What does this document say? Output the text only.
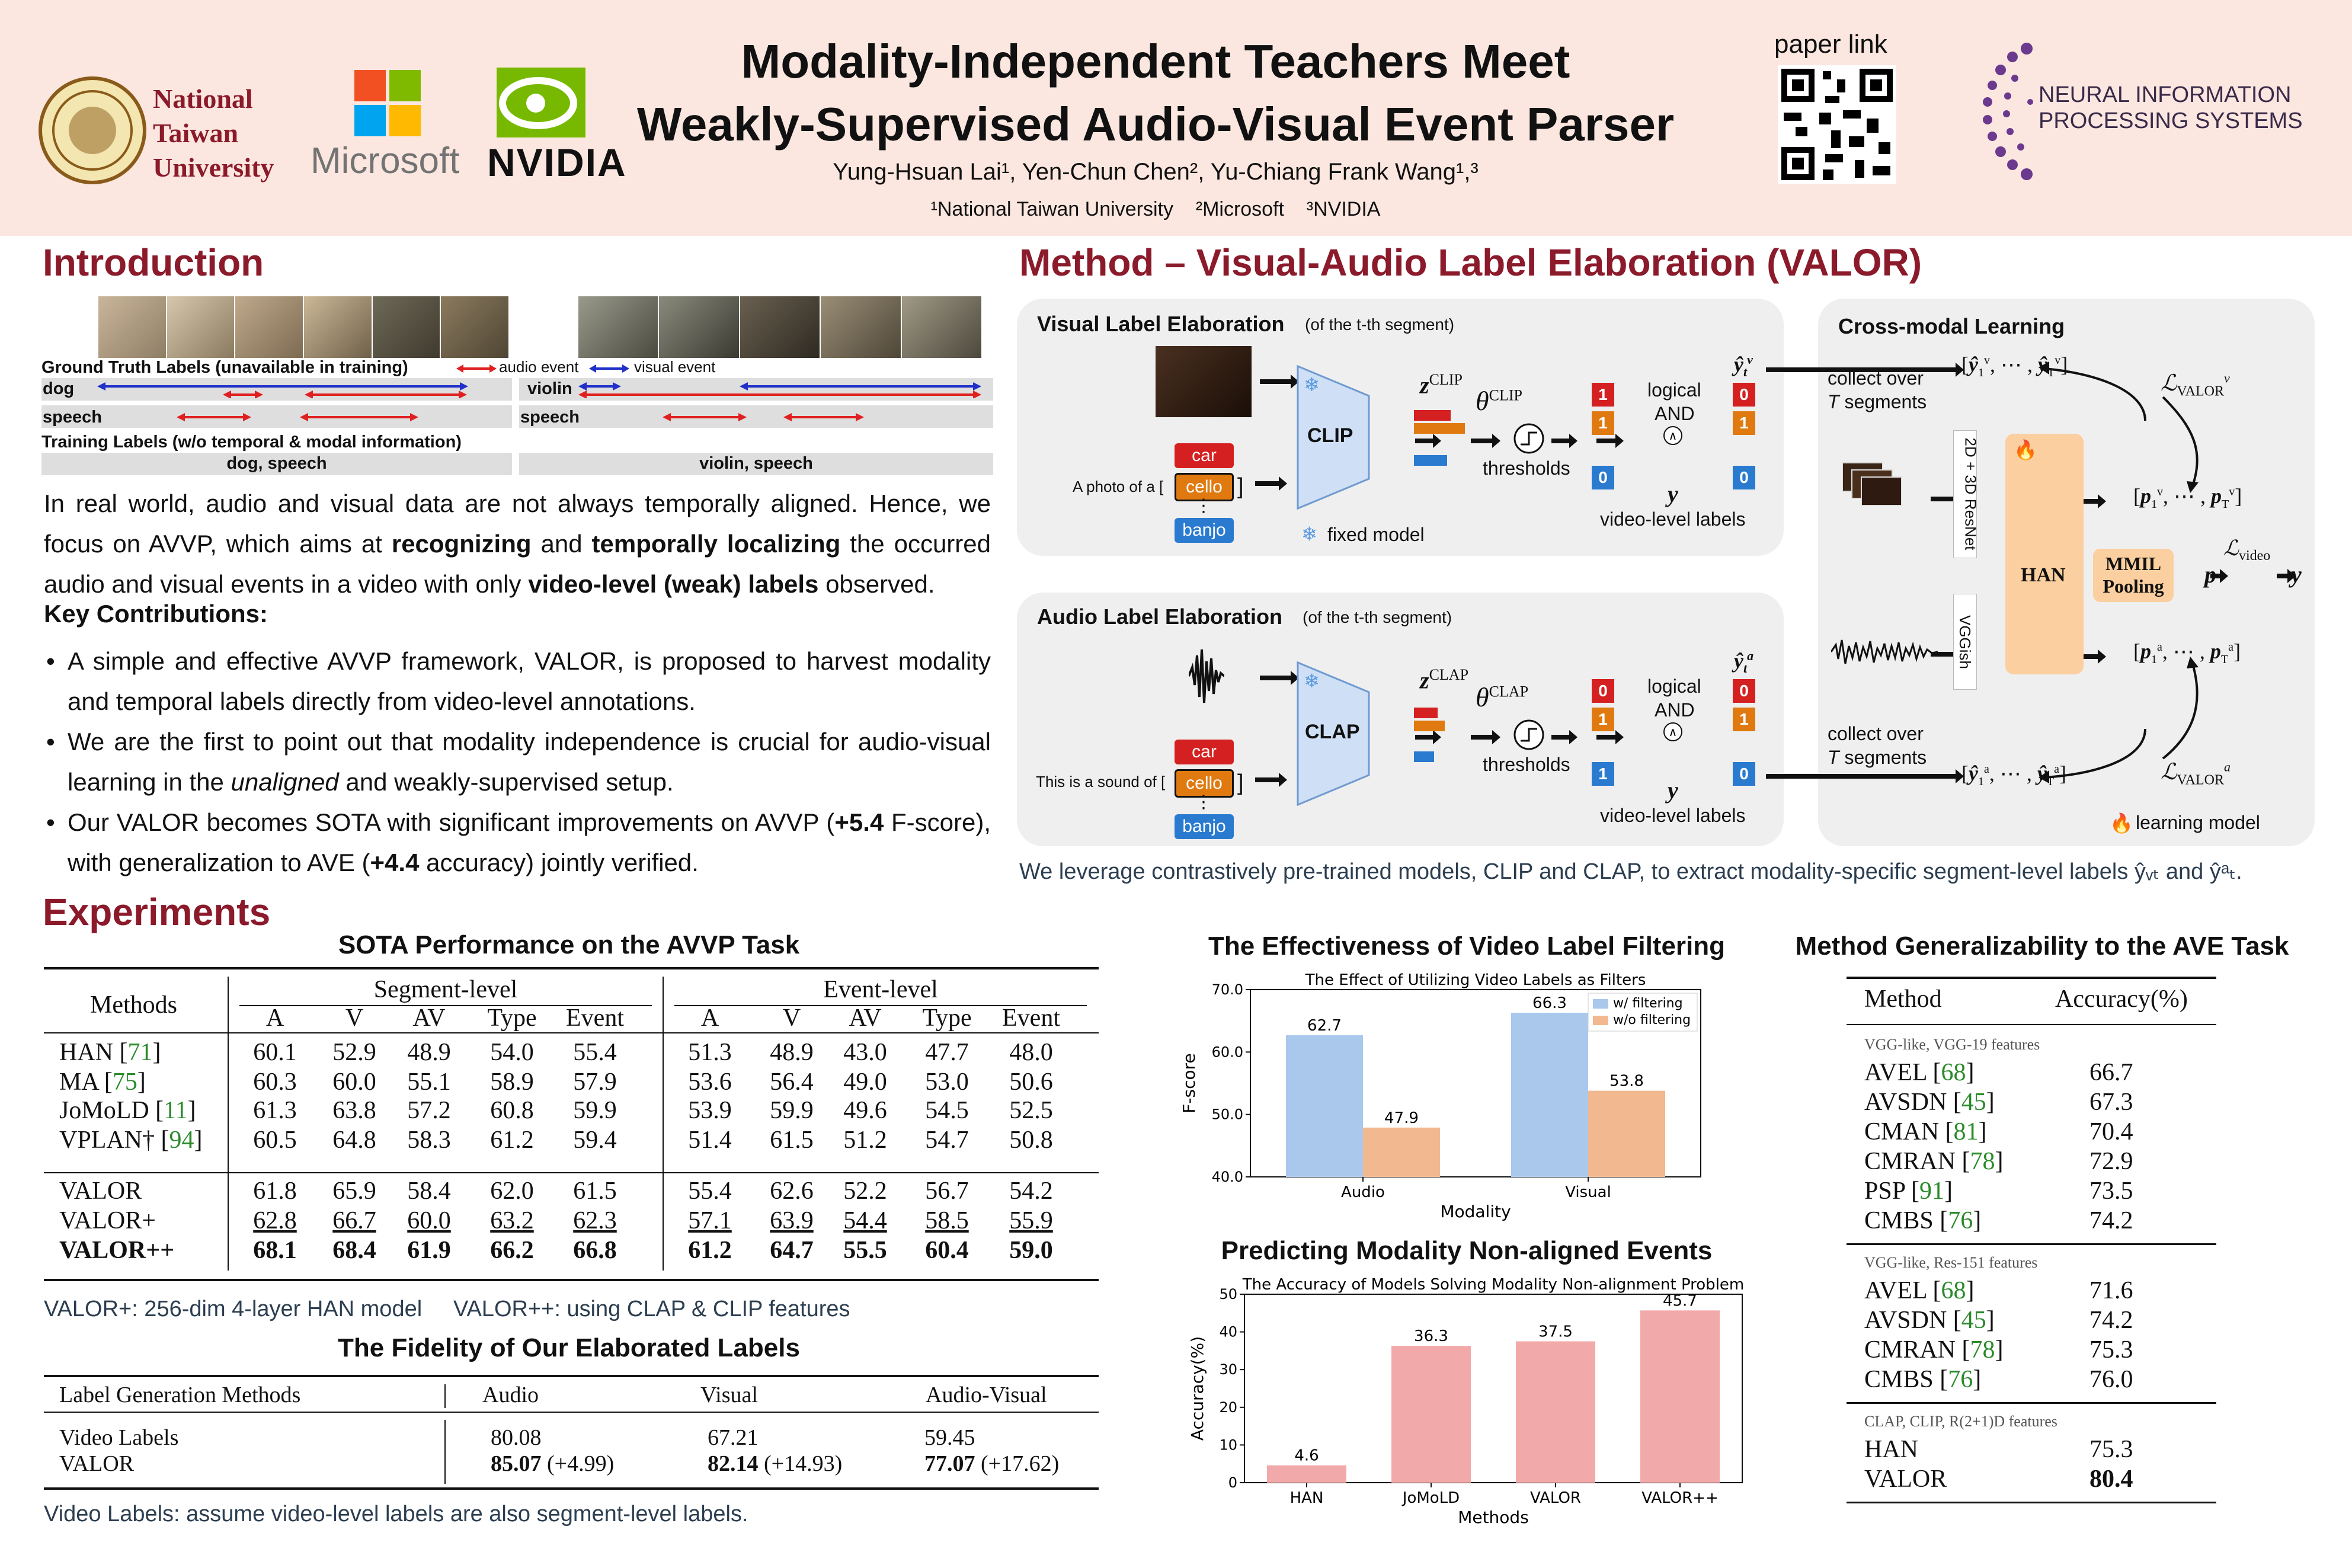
National
Taiwan
University Microsoft NVIDIA
Modality-Independent Teachers Meet
Weakly-Supervised Audio-Visual Event Parser
Yung-Hsuan Lai¹, Yen-Chun Chen², Yu-Chiang Frank Wang¹,³
¹National Taiwan University    ²Microsoft    ³NVIDIA
paper link
NEURAL INFORMATION
PROCESSING SYSTEMS
Introduction
Ground Truth Labels (unavailable in training)	audio event	visual event
dog
speech
violin
speech
Training Labels (w/o temporal & modal information)
dog, speech	violin, speech
In real world, audio and visual data are not always temporally aligned. Hence, we focus on AVVP, which aims at recognizing and temporally localizing the occurred audio and visual events in a video with only video-level (weak) labels observed.
Key Contributions:
• A simple and effective AVVP framework, VALOR, is proposed to harvest modality and temporal labels directly from video-level annotations.
• We are the first to point out that modality independence is crucial for audio-visual learning in the unaligned and weakly-supervised setup.
• Our VALOR becomes SOTA with significant improvements on AVVP (+5.4 F-score), with generalization to AVE (+4.4 accuracy) jointly verified.
Method – Visual-Audio Label Elaboration (VALOR)
Visual Label Elaboration (of the t-th segment)
A photo of a [
car
cello
banjo
]
⋮
CLIP
❄
❄ fixed model
$z^{CLIP}$
$\theta^{CLIP}$
thresholds
1
1
0
logical
AND
∧
y
video-level labels
$ŷ_t^v$
0
1
0
Audio Label Elaboration (of the t-th segment)
This is a sound of [
car
cello
banjo
]
⋮
CLAP
❄	$z^{CLAP}$
$\theta^{CLAP}$
thresholds
0
1
1
logical
AND
∧
y
video-level labels
$ŷ_t^a$
0
1
0
Cross-modal Learning
collect over
T segments
collect over
T segments
[$ŷ_1^v$, ⋯ , $ŷ_T^v$]
[$ŷ_1^a$, ⋯ , $ŷ_T^a$]
ℒ$_{VALOR}^v$
ℒ$_{VALOR}^a$
2D + 3D ResNet
VGGish
🔥
HAN
[$p_1^v$, ⋯ , $p_T^v$]
[$p_1^a$, ⋯ , $p_T^a$]
MMIL
Pooling	p
ℒ$_{video}$
y
🔥 learning model
We leverage contrastively pre-trained models, CLIP and CLAP, to extract modality-specific segment-level labels ŷᵥₜ and ŷᵃₜ.
Experiments
SOTA Performance on the AVVP Task
Methods
Segment-level	Event-level
A	V	AV	Type Event	A	V	AV	Type Event
HAN [71]	60.1	52.9	48.9	54.0	55.4	51.3	48.9	43.0	47.7	48.0
MA [75]	60.3	60.0	55.1	58.9	57.9	53.6	56.4	49.0	53.0	50.6
JoMoLD [11]	61.3	63.8	57.2	60.8	59.9	53.9	59.9	49.6	54.5	52.5
VPLAN† [94]	60.5	64.8	58.3	61.2	59.4	51.4	61.5	51.2	54.7	50.8
VALOR	61.8	65.9	58.4	62.0	61.5	55.4	62.6	52.2	56.7	54.2
VALOR+	62.8	66.7	60.0	63.2	62.3	57.1	63.9	54.4	58.5	55.9
VALOR++	68.1	68.4	61.9	66.2	66.8	61.2	64.7	55.5	60.4	59.0
VALOR+: 256-dim 4-layer HAN model     VALOR++: using CLAP & CLIP features
The Fidelity of Our Elaborated Labels
Label Generation Methods	Audio	Visual	Audio-Visual
Video Labels	80.08	67.21	59.45
VALOR	85.07 (+4.99)	82.14 (+14.93)	77.07 (+17.62)
Video Labels: assume video-level labels are also segment-level labels.
The Effectiveness of Video Label Filtering
The Effect of Utilizing Video Labels as Filters
40.0
50.0
60.0
70.0
F-score
Modality
Audio
62.7
47.9
Visual
66.3
53.8
w/ filtering
w/o filtering
Predicting Modality Non-aligned Events
The Accuracy of Models Solving Modality Non-alignment Problem
0
10
20
30
40
50
Accuracy(%)
Methods
HAN
4.6
JoMoLD
36.3
VALOR
37.5
VALOR++
45.7
Method Generalizability to the AVE Task
Method	Accuracy(%)
VGG-like, VGG-19 features
AVEL [68]	66.7
AVSDN [45]	67.3
CMAN [81]	70.4
CMRAN [78]	72.9
PSP [91]	73.5
CMBS [76]	74.2
VGG-like, Res-151 features
AVEL [68]	71.6
AVSDN [45]	74.2
CMRAN [78]	75.3
CMBS [76]	76.0
CLAP, CLIP, R(2+1)D features
HAN	75.3
VALOR	80.4
